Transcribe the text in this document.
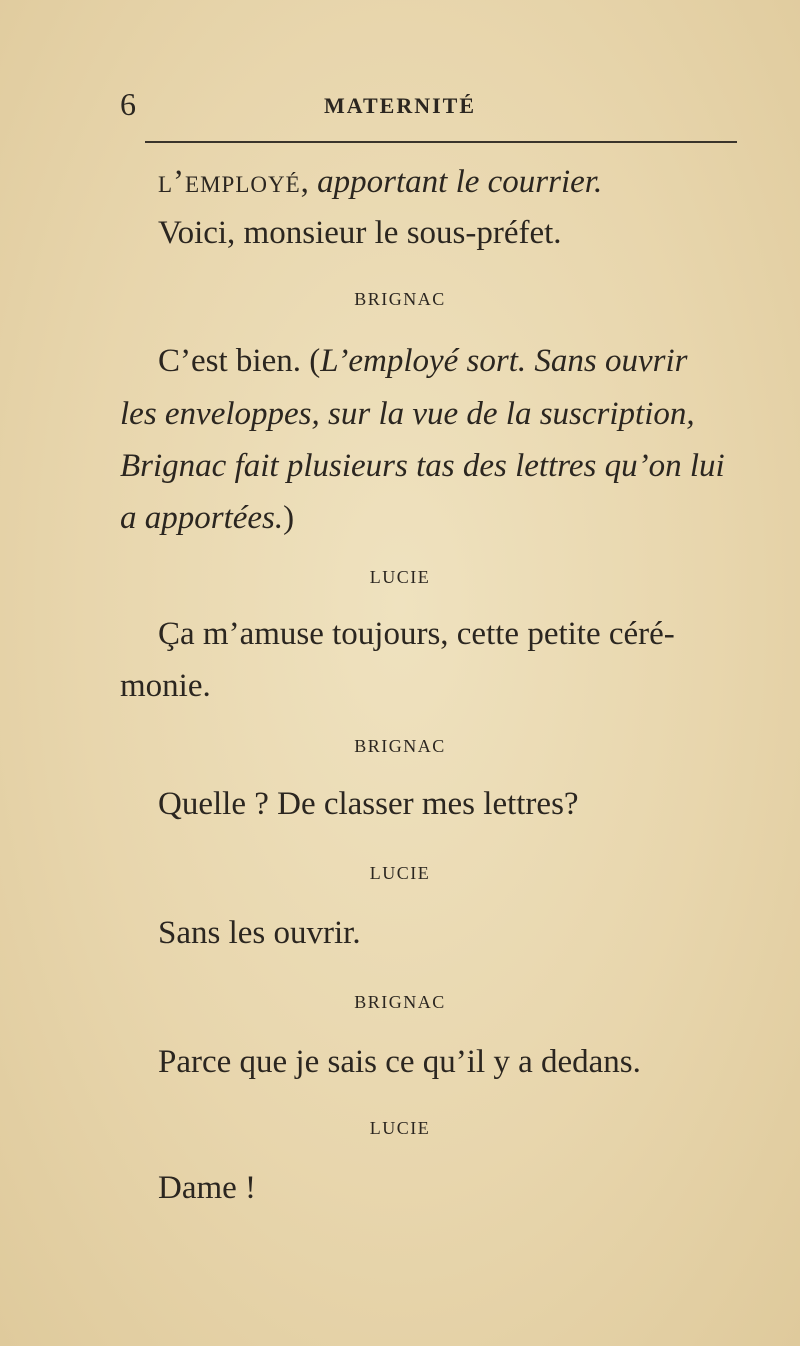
6	MATERNITÉ
l’employé, apportant le courrier.
Voici, monsieur le sous-préfet.
BRIGNAC
C’est bien. (L’employé sort. Sans ouvrir
les enveloppes, sur la vue de la suscription,
Brignac fait plusieurs tas des lettres qu’on lui
a apportées.)
LUCIE
Ça m’amuse toujours, cette petite céré-
monie.
BRIGNAC
Quelle ? De classer mes lettres?
LUCIE
Sans les ouvrir.
BRIGNAC
Parce que je sais ce qu’il y a dedans.
LUCIE
Dame !
